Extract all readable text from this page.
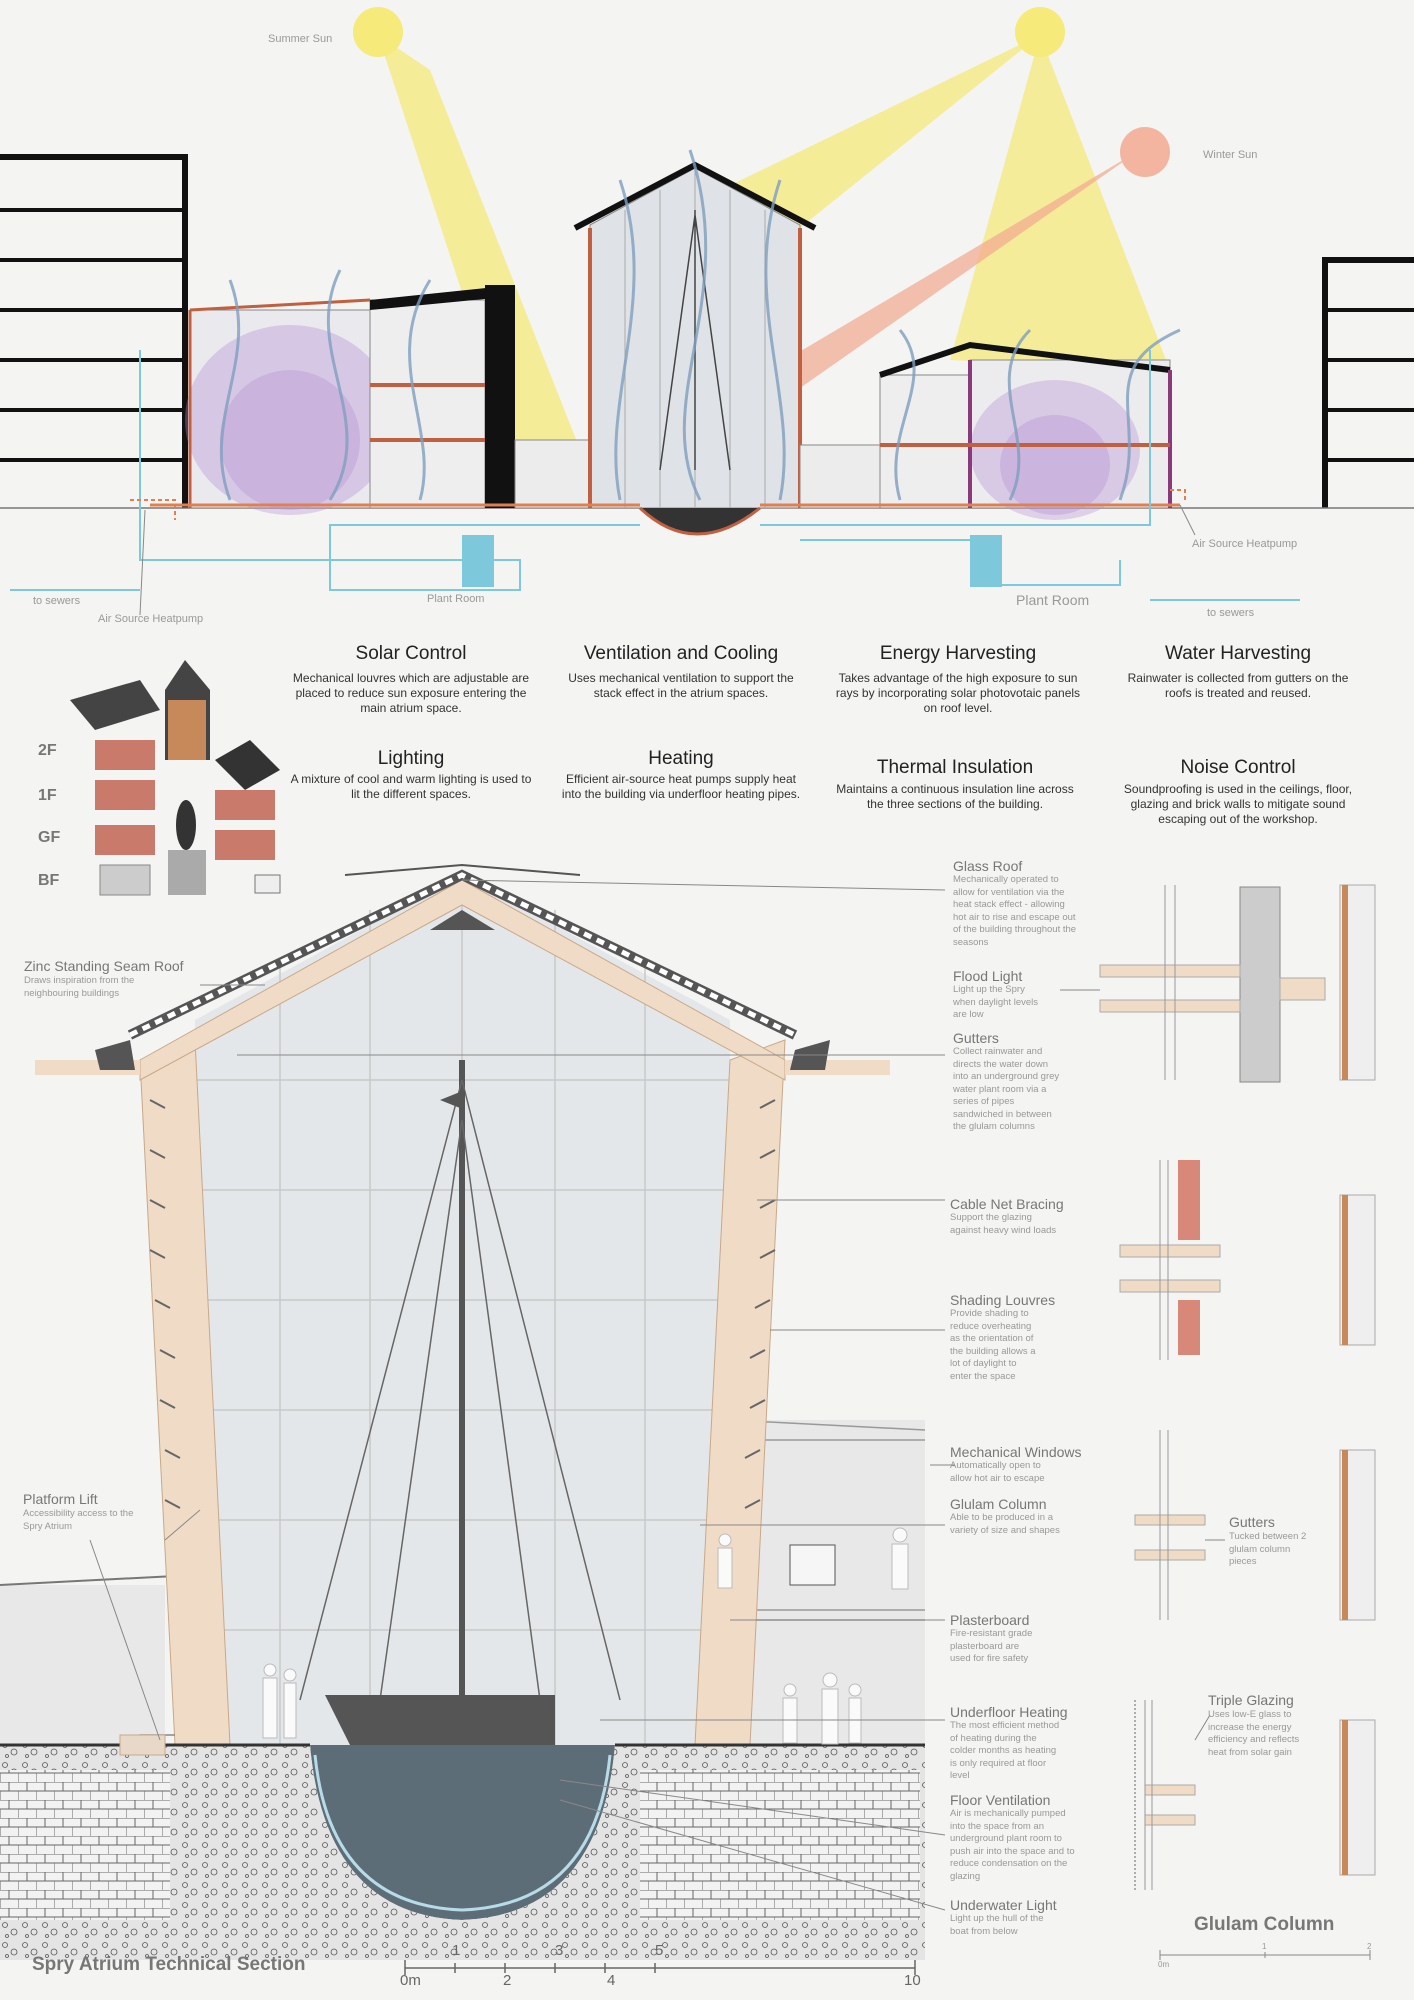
Summer Sun
Winter Sun
Plant Room	Plant Room
to sewers
to sewers
Air Source Heatpump
Air Source Heatpump
Solar Control
Mechanical louvres which are adjustable are placed to reduce sun exposure entering the main atrium space.
Ventilation and Cooling
Uses mechanical ventilation to support the stack effect in the atrium spaces.
Energy Harvesting
Takes advantage of the high exposure to sun rays by incorporating solar photovotaic panels on roof level.
Water Harvesting
Rainwater is collected from gutters on the roofs is treated and reused.
Lighting
A mixture of cool and warm lighting is used to lit the different spaces.
Heating
Efficient air-source heat pumps supply heat into the building via underfloor heating pipes.
Thermal Insulation
Maintains a continuous insulation line across the three sections of the building.
Noise Control
Soundproofing is used in the ceilings, floor, glazing and brick walls to mitigate sound escaping out of the workshop.
2F
1F
GF
BF
Zinc Standing Seam Roof
Draws inspiration from the neighbouring buildings
Platform Lift
Accessibility access to the Spry Atrium
Glass Roof
Mechanically operated to allow for ventilation via the heat stack effect - allowing hot air to rise and escape out of the building throughout the seasons
Flood Light
Light up the Spry when daylight levels are low
Gutters
Collect rainwater and directs the water down into an underground grey water plant room via a series of pipes sandwiched in between the glulam columns
Cable Net Bracing
Support the glazing against heavy wind loads
Shading Louvres
Provide shading to reduce overheating as the orientation of the building allows a lot of daylight to enter the space
Mechanical Windows
Automatically open to allow hot air to escape
Glulam Column
Able to be produced in a variety of size and shapes
Plasterboard
Fire-resistant grade plasterboard are used for fire safety
Underfloor Heating
The most efficient method of heating during the colder months as heating is only required at floor level
Floor Ventilation
Air is mechanically pumped into the space from an underground plant room to push air into the space and to reduce condensation on the glazing
Underwater Light
Light up the hull of the boat from below
Gutters
Tucked between 2 glulam column pieces
Triple Glazing
Uses low-E glass to increase the energy efficiency and reflects heat from solar gain
Spry Atrium Technical Section
Glulam Column
0m
1	3	5
2	4	10
0m
1	2
